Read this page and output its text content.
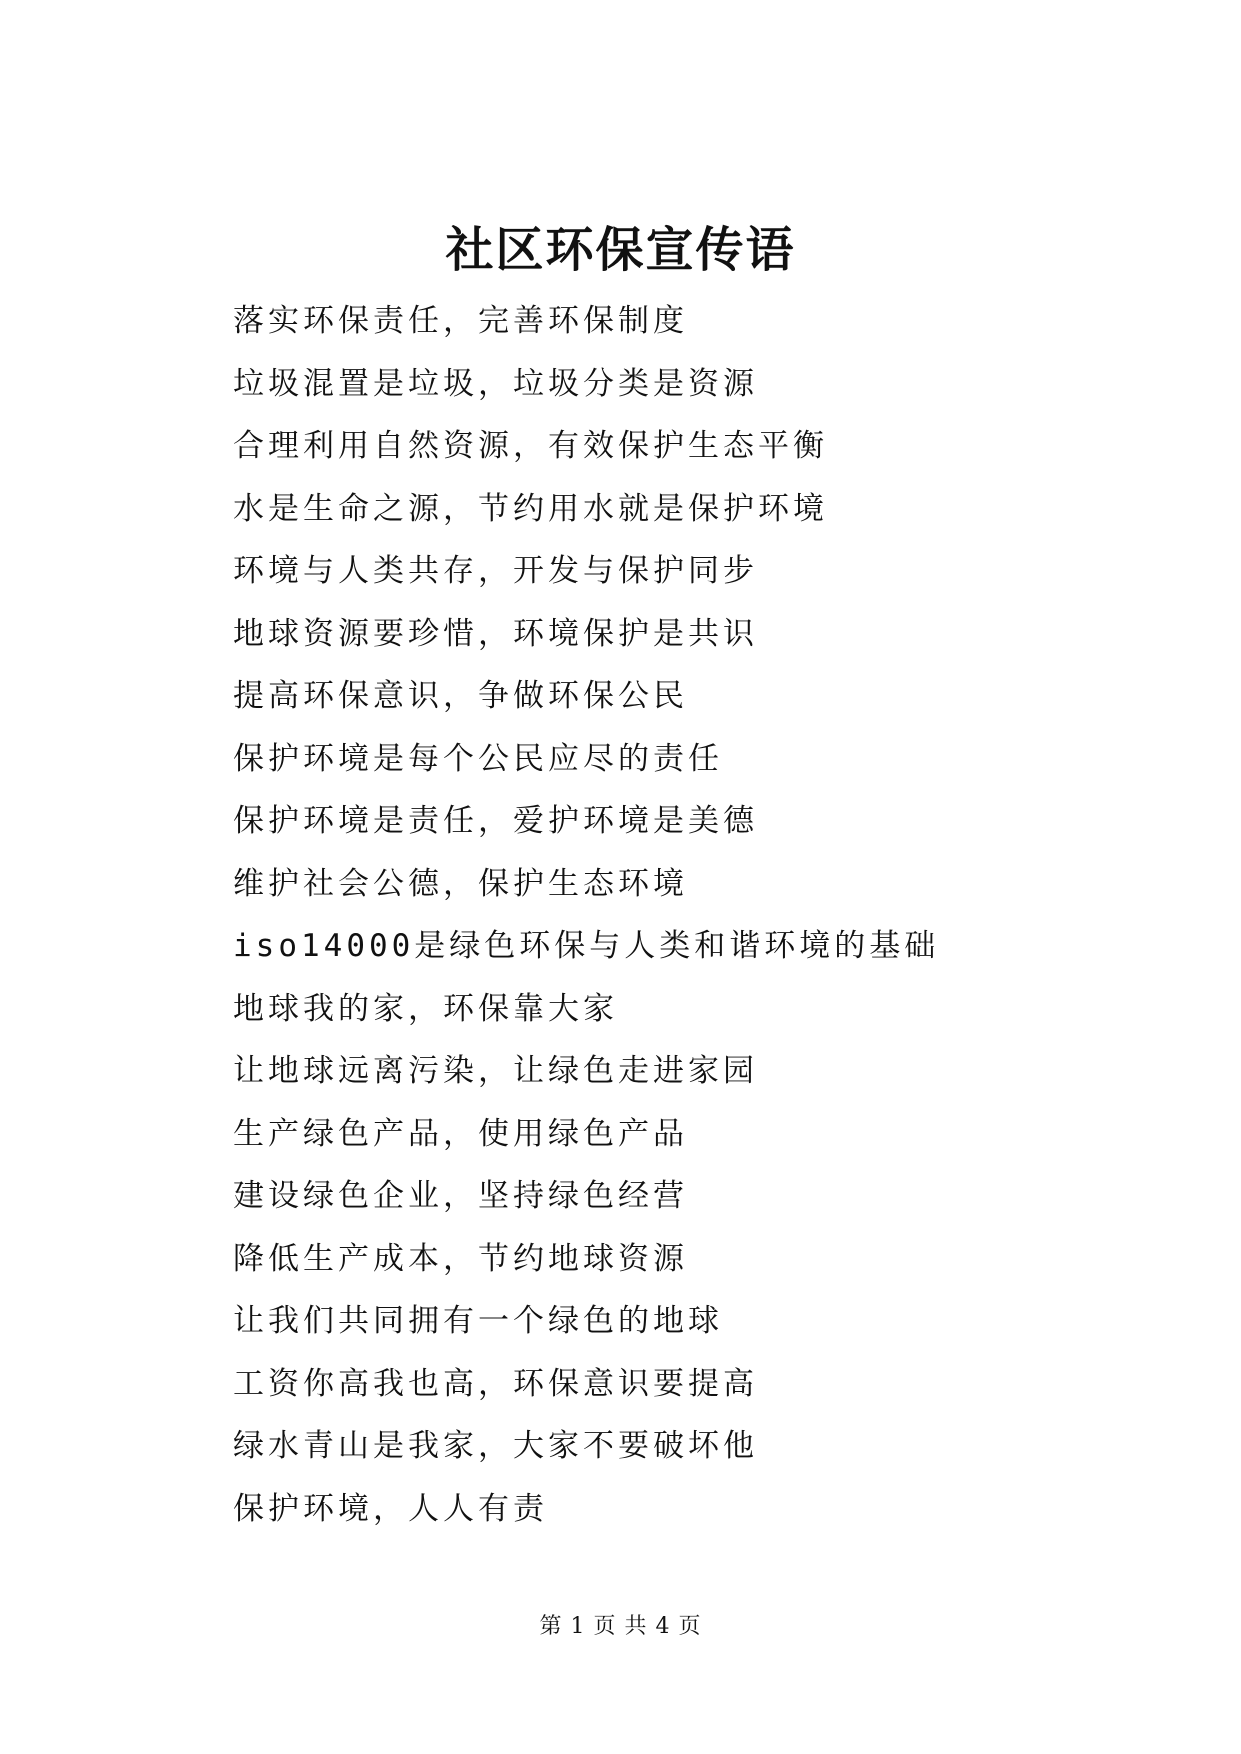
社区环保宣传语
落实环保责任，完善环保制度
垃圾混置是垃圾，垃圾分类是资源
合理利用自然资源，有效保护生态平衡
水是生命之源，节约用水就是保护环境
环境与人类共存，开发与保护同步
地球资源要珍惜，环境保护是共识
提高环保意识，争做环保公民
保护环境是每个公民应尽的责任
保护环境是责任，爱护环境是美德
维护社会公德，保护生态环境
iso14000是绿色环保与人类和谐环境的基础
地球我的家，环保靠大家
让地球远离污染，让绿色走进家园
生产绿色产品，使用绿色产品
建设绿色企业，坚持绿色经营
降低生产成本，节约地球资源
让我们共同拥有一个绿色的地球
工资你高我也高，环保意识要提高
绿水青山是我家，大家不要破坏他
保护环境，人人有责
第 1 页 共 4 页
